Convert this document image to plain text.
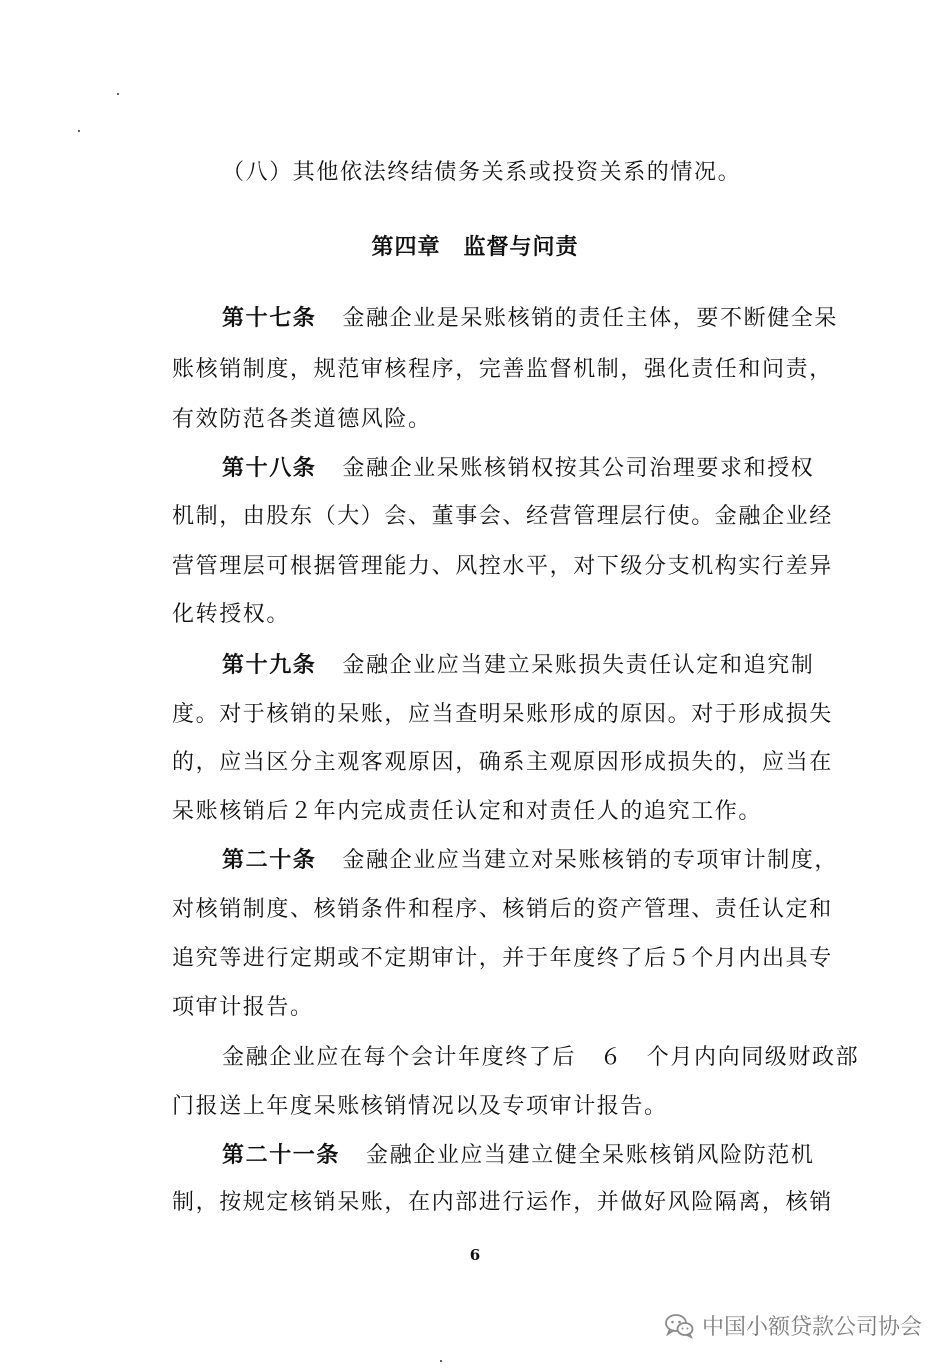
（八）其他依法终结债务关系或投资关系的情况。
第四章　监督与问责
第十七条 金融企业是呆账核销的责任主体，要不断健全呆
账核销制度，规范审核程序，完善监督机制，强化责任和问责，
有效防范各类道德风险。
第十八条 金融企业呆账核销权按其公司治理要求和授权
机制，由股东（大）会、董事会、经营管理层行使。金融企业经
营管理层可根据管理能力、风控水平，对下级分支机构实行差异
化转授权。
第十九条 金融企业应当建立呆账损失责任认定和追究制
度。对于核销的呆账，应当查明呆账形成的原因。对于形成损失
的，应当区分主观客观原因，确系主观原因形成损失的，应当在
呆账核销后２年内完成责任认定和对责任人的追究工作。
第二十条 金融企业应当建立对呆账核销的专项审计制度，
对核销制度、核销条件和程序、核销后的资产管理、责任认定和
追究等进行定期或不定期审计，并于年度终了后５个月内出具专
项审计报告。
金融企业应在每个会计年度终了后　６　个月内向同级财政部
门报送上年度呆账核销情况以及专项审计报告。
第二十一条 金融企业应当建立健全呆账核销风险防范机
制，按规定核销呆账，在内部进行运作，并做好风险隔离，核销
6
中国小额贷款公司协会
